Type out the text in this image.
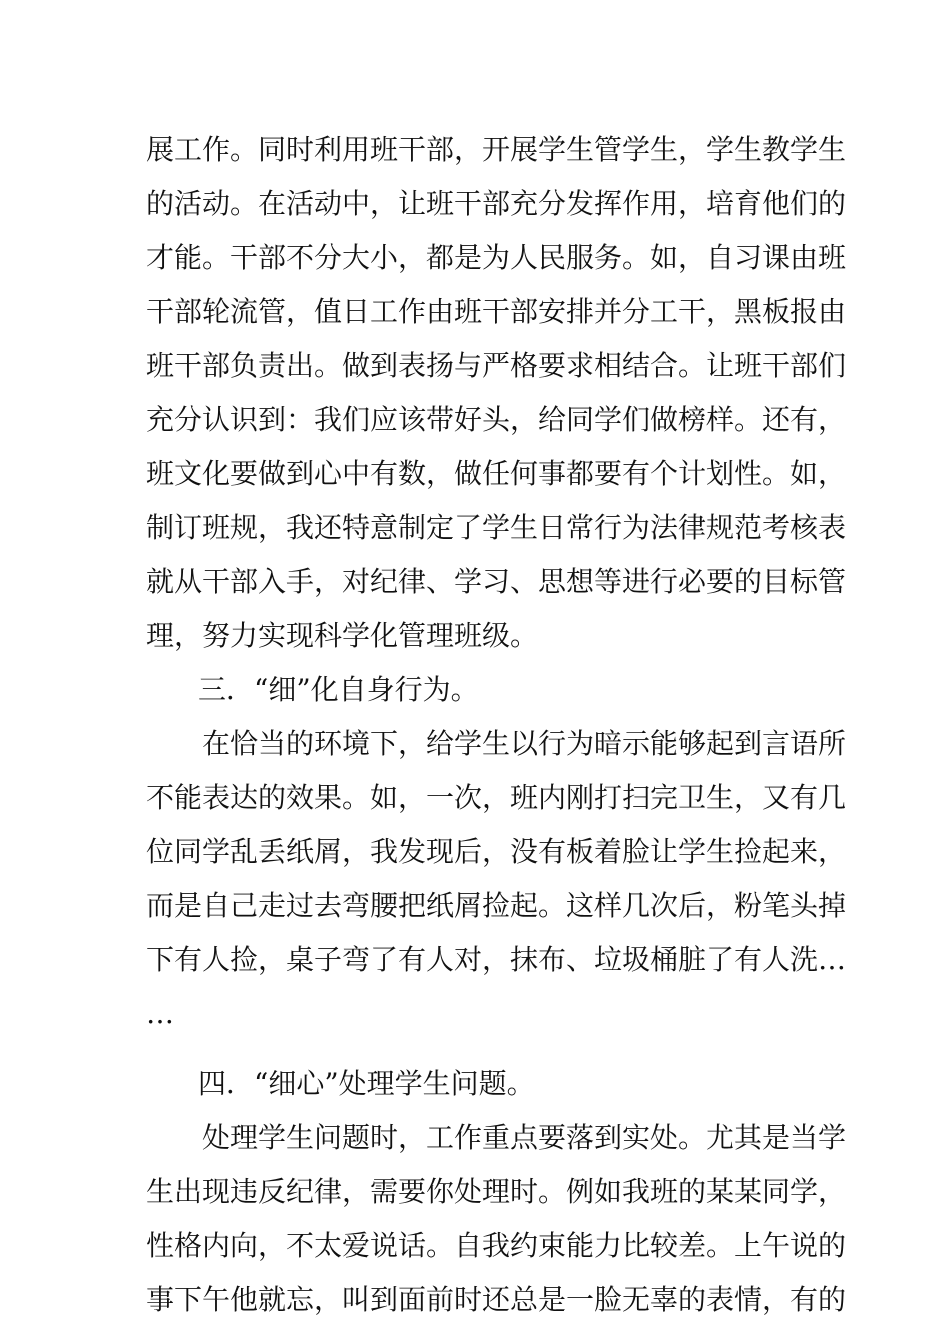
展工作。同时利用班干部，开展学生管学生，学生教学生
的活动。在活动中，让班干部充分发挥作用，培育他们的
才能。干部不分大小，都是为人民服务。如，自习课由班
干部轮流管，值日工作由班干部安排并分工干，黑板报由
班干部负责出。做到表扬与严格要求相结合。让班干部们
充分认识到：我们应该带好头，给同学们做榜样。还有，
班文化要做到心中有数，做任何事都要有个计划性。如，
制订班规，我还特意制定了学生日常行为法律规范考核表
就从干部入手，对纪律、学习、思想等进行必要的目标管
理，努力实现科学化管理班级。
三．“细”化自身行为。
在恰当的环境下，给学生以行为暗示能够起到言语所
不能表达的效果。如，一次，班内刚打扫完卫生，又有几
位同学乱丢纸屑，我发现后，没有板着脸让学生捡起来，
而是自己走过去弯腰把纸屑捡起。这样几次后，粉笔头掉
下有人捡，桌子弯了有人对，抹布、垃圾桶脏了有人洗…
…
四．“细心”处理学生问题。
处理学生问题时，工作重点要落到实处。尤其是当学
生出现违反纪律，需要你处理时。例如我班的某某同学，
性格内向，不太爱说话。自我约束能力比较差。上午说的
事下午他就忘，叫到面前时还总是一脸无辜的表情，有的
